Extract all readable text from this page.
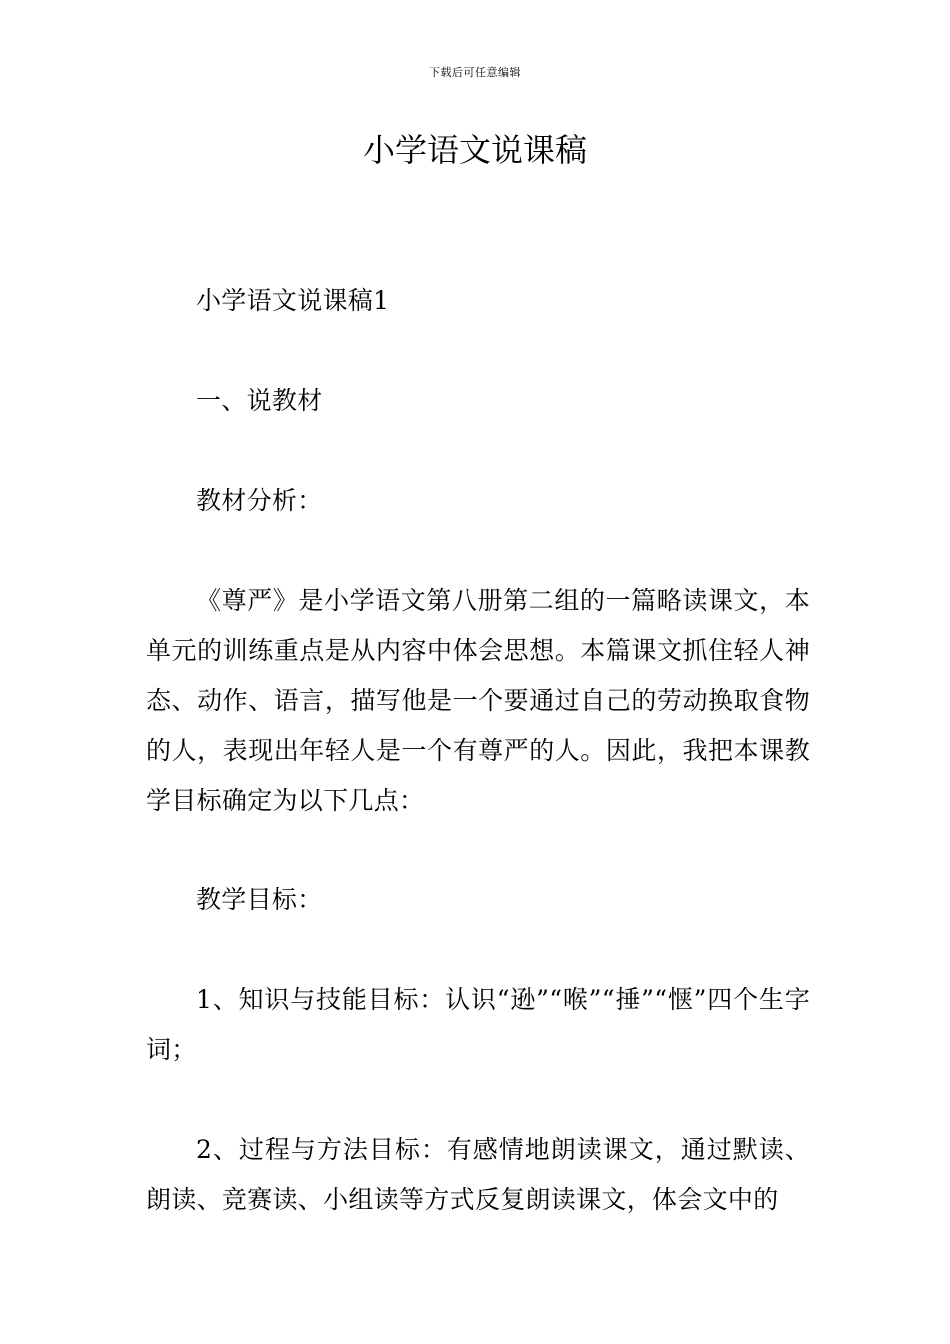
下载后可任意编辑
小学语文说课稿

小学语文说课稿1

一、说教材

教材分析：

《尊严》是小学语文第八册第二组的一篇略读课文，本单元的训练重点是从内容中体会思想。本篇课文抓住轻人神态、动作、语言，描写他是一个要通过自己的劳动换取食物的人，表现出年轻人是一个有尊严的人。因此，我把本课教学目标确定为以下几点：

教学目标：

1、知识与技能目标：认识“逊”“喉”“捶”“惬”四个生字词；

2、过程与方法目标：有感情地朗读课文，通过默读、朗读、竞赛读、小组读等方式反复朗读课文，体会文中的
